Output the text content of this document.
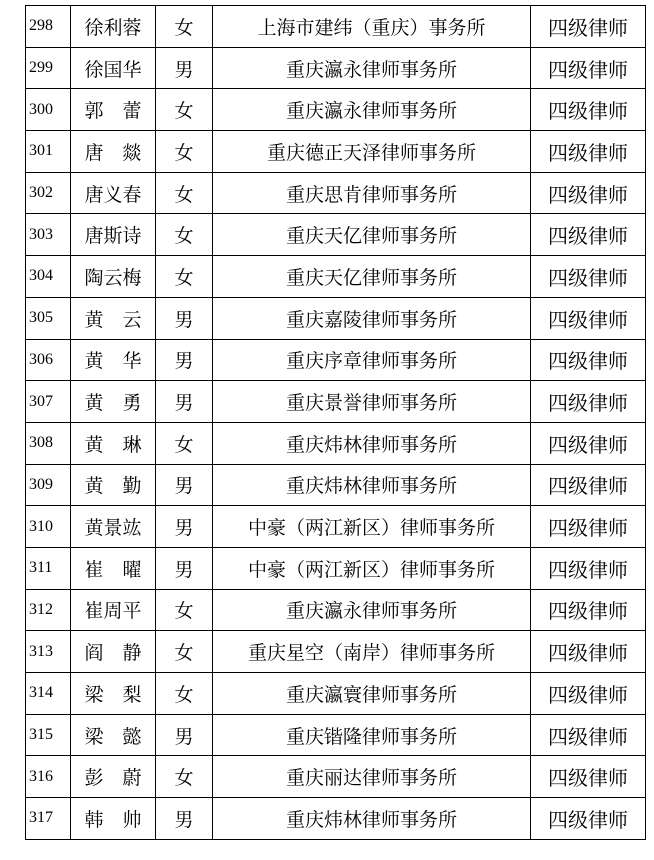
298	徐利蓉	女	上海市建纬（重庆）事务所	四级律师
299	徐国华	男	重庆瀛永律师事务所	四级律师
300	郭　蕾	女	重庆瀛永律师事务所	四级律师
301	唐　燚	女	重庆德正天泽律师事务所	四级律师
302	唐义春	女	重庆思肯律师事务所	四级律师
303	唐斯诗	女	重庆天亿律师事务所	四级律师
304	陶云梅	女	重庆天亿律师事务所	四级律师
305	黄　云	男	重庆嘉陵律师事务所	四级律师
306	黄　华	男	重庆序章律师事务所	四级律师
307	黄　勇	男	重庆景誉律师事务所	四级律师
308	黄　琳	女	重庆炜林律师事务所	四级律师
309	黄　勤	男	重庆炜林律师事务所	四级律师
310	黄景竑	男	中豪（两江新区）律师事务所	四级律师
311	崔　曜	男	中豪（两江新区）律师事务所	四级律师
312	崔周平	女	重庆瀛永律师事务所	四级律师
313	阎　静	女	重庆星空（南岸）律师事务所	四级律师
314	梁　梨	女	重庆瀛寰律师事务所	四级律师
315	梁　懿	男	重庆锴隆律师事务所	四级律师
316	彭　蔚	女	重庆丽达律师事务所	四级律师
317	韩　帅	男	重庆炜林律师事务所	四级律师
